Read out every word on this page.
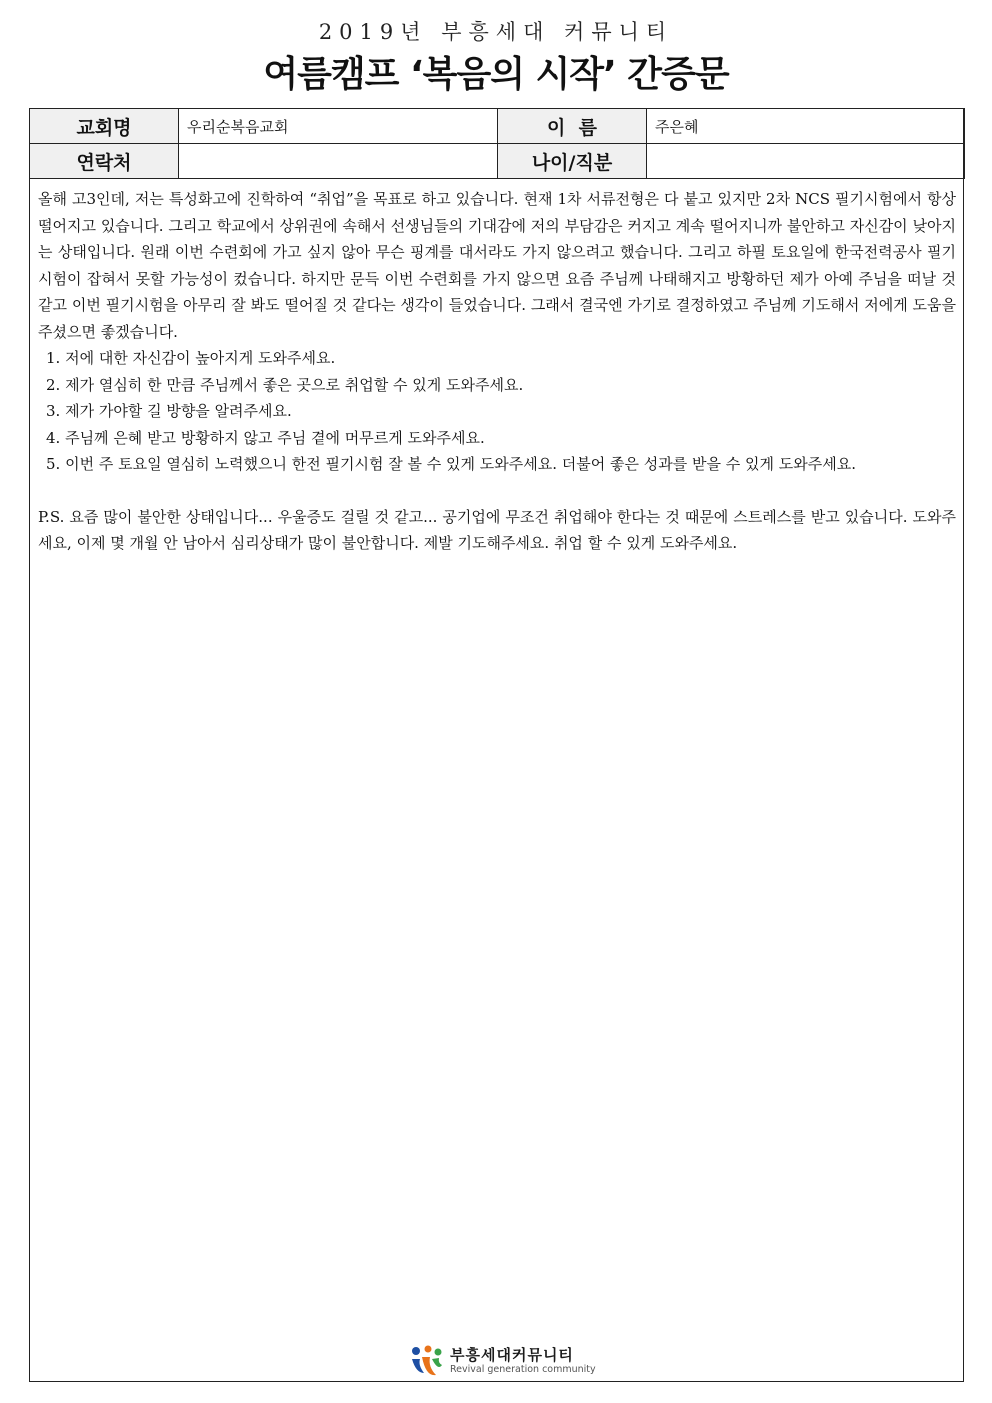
2019년 부흥세대 커뮤니티
여름캠프 ‘복음의 시작’ 간증문
교회명	우리순복음교회	이  름	주은혜
연락처		나이/직분	

올해 고3인데, 저는 특성화고에 진학하여 “취업”을 목표로 하고 있습니다. 현재 1차 서류전형은 다 붙고 있지만 2차 NCS 필기시험에서 항상 떨어지고 있습니다. 그리고 학교에서 상위권에 속해서 선생님들의 기대감에 저의 부담감은 커지고 계속 떨어지니까 불안하고 자신감이 낮아지는 상태입니다. 원래 이번 수련회에 가고 싶지 않아 무슨 핑계를 대서라도 가지 않으려고 했습니다. 그리고 하필 토요일에 한국전력공사 필기시험이 잡혀서 못할 가능성이 컸습니다. 하지만 문득 이번 수련회를 가지 않으면 요즘 주님께 나태해지고 방황하던 제가 아예 주님을 떠날 것 같고 이번 필기시험을 아무리 잘 봐도 떨어질 것 같다는 생각이 들었습니다. 그래서 결국엔 가기로 결정하였고 주님께 기도해서 저에게 도움을 주셨으면 좋겠습니다.

1. 저에 대한 자신감이 높아지게 도와주세요.

2. 제가 열심히 한 만큼 주님께서 좋은 곳으로 취업할 수 있게 도와주세요.

3. 제가 가야할 길 방향을 알려주세요.

4. 주님께 은혜 받고 방황하지 않고 주님 곁에 머무르게 도와주세요.

5. 이번 주 토요일 열심히 노력했으니 한전 필기시험 잘 볼 수 있게 도와주세요. 더불어 좋은 성과를 받을 수 있게 도와주세요.

P.S. 요즘 많이 불안한 상태입니다... 우울증도 걸릴 것 같고... 공기업에 무조건 취업해야 한다는 것 때문에 스트레스를 받고 있습니다. 도와주세요, 이제 몇 개월 안 남아서 심리상태가 많이 불안합니다. 제발 기도해주세요. 취업 할 수 있게 도와주세요.

부흥세대커뮤니티
Revival generation community
